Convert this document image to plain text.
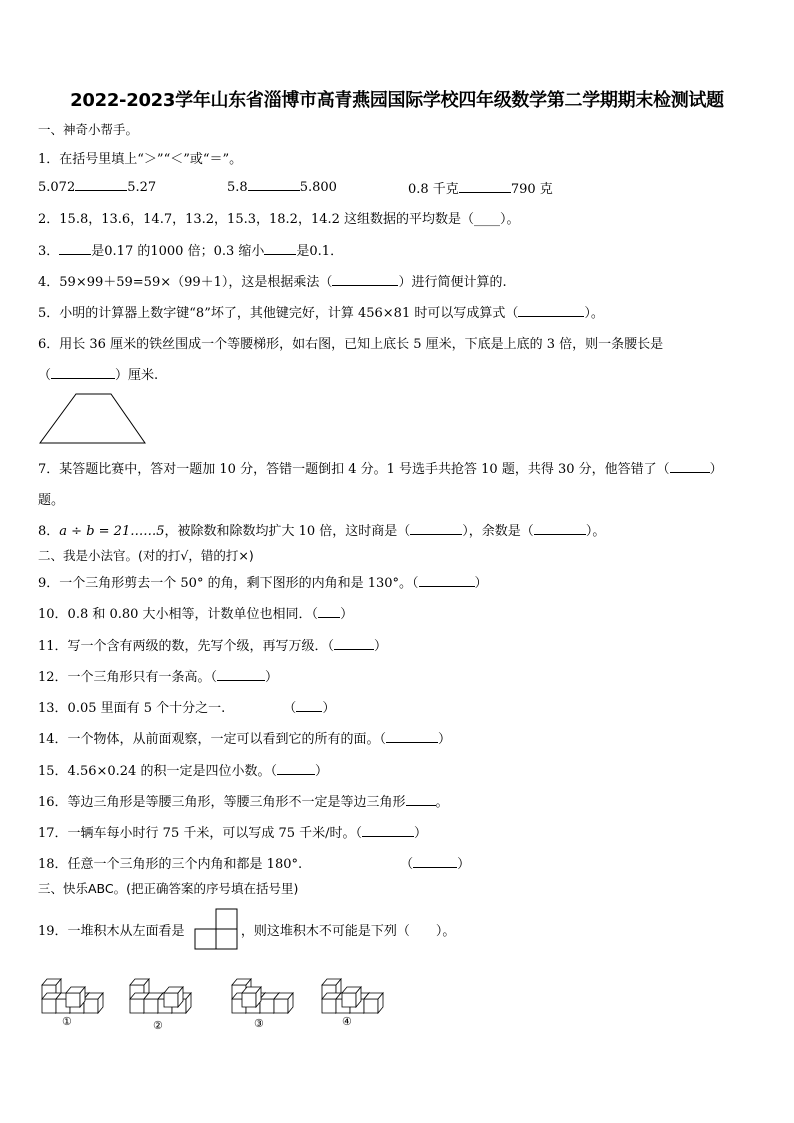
2022-2023学年山东省淄博市高青燕园国际学校四年级数学第二学期期末检测试题
一、神奇小帮手。
1．在括号里填上“＞”“＜”或“＝”。
5.072	5.27	5.8	5.800	0.8 千克	790 克
2．15.8，13.6，14.7，13.2，15.3，18.2，14.2 这组数据的平均数是（____）。
3． 是0.17 的1000 倍；0.3 缩小 是0.1．
4．59×99＋59=59×（99＋1），这是根据乘法（	）进行简便计算的.
5．小明的计算器上数字键“8”坏了，其他键完好，计算 456×81 时可以写成算式（	）。
6．用长 36 厘米的铁丝围成一个等腰梯形，如右图，已知上底长 5 厘米，下底是上底的 3 倍，则一条腰长是
（	）厘米.
7．某答题比赛中，答对一题加 10 分，答错一题倒扣 4 分。1 号选手共抢答 10 题，共得 30 分，他答错了（	）
题。
8．a ÷ b = 21……5，被除数和除数均扩大 10 倍，这时商是（	），余数是（	）。
二、我是小法官。(对的打√，错的打×)
9．一个三角形剪去一个 50° 的角，剩下图形的内角和是 130°。（	）
10．0.8 和 0.80 大小相等，计数单位也相同．（ ）
11．写一个含有两级的数，先写个级，再写万级．（	）
12．一个三角形只有一条高。（	）
13．0.05 里面有 5 个十分之一.	（ ）
14．一个物体，从前面观察，一定可以看到它的所有的面。（	）
15．4.56×0.24 的积一定是四位小数。（	）
16．等边三角形是等腰三角形，等腰三角形不一定是等边三角形 。
17．一辆车每小时行 75 千米，可以写成 75 千米/时。（	）
18．任意一个三角形的三个内角和都是 180°.	（	）
三、快乐ABC。(把正确答案的序号填在括号里)
19．一堆积木从左面看是	，则这堆积木不可能是下列（　　）。
①	②	③	④
